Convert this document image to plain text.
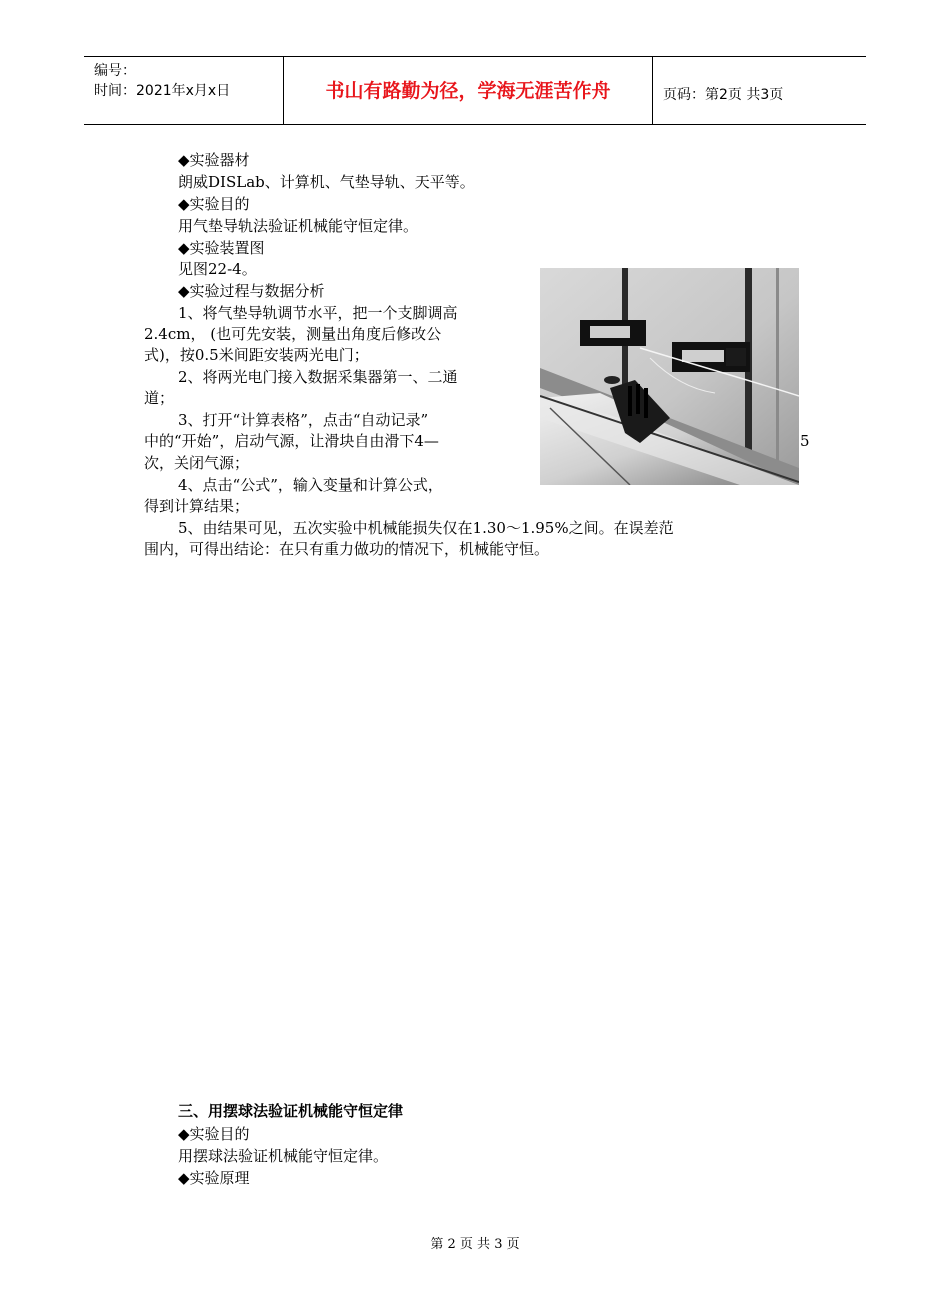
编号：
时间：2021年x月x日	书山有路勤为径，学海无涯苦作舟	页码：第2页 共3页
◆实验器材
朗威DISLab、计算机、气垫导轨、天平等。
◆实验目的
用气垫导轨法验证机械能守恒定律。
◆实验装置图
见图22-4。
◆实验过程与数据分析
1、将气垫导轨调节水平，把一个支脚调高
2.4cm， (也可先安装，测量出角度后修改公
式)，按0.5米间距安装两光电门；
2、将两光电门接入数据采集器第一、二通
道；
3、打开“计算表格”，点击“自动记录”
中的“开始”，启动气源，让滑块自由滑下4—	5
次，关闭气源；
4、点击“公式”，输入变量和计算公式，
得到计算结果；
5、由结果可见，五次实验中机械能损失仅在1.30～1.95%之间。在误差范
围内，可得出结论：在只有重力做功的情况下，机械能守恒。
三、用摆球法验证机械能守恒定律
◆实验目的
用摆球法验证机械能守恒定律。
◆实验原理
第 2 页 共 3 页
